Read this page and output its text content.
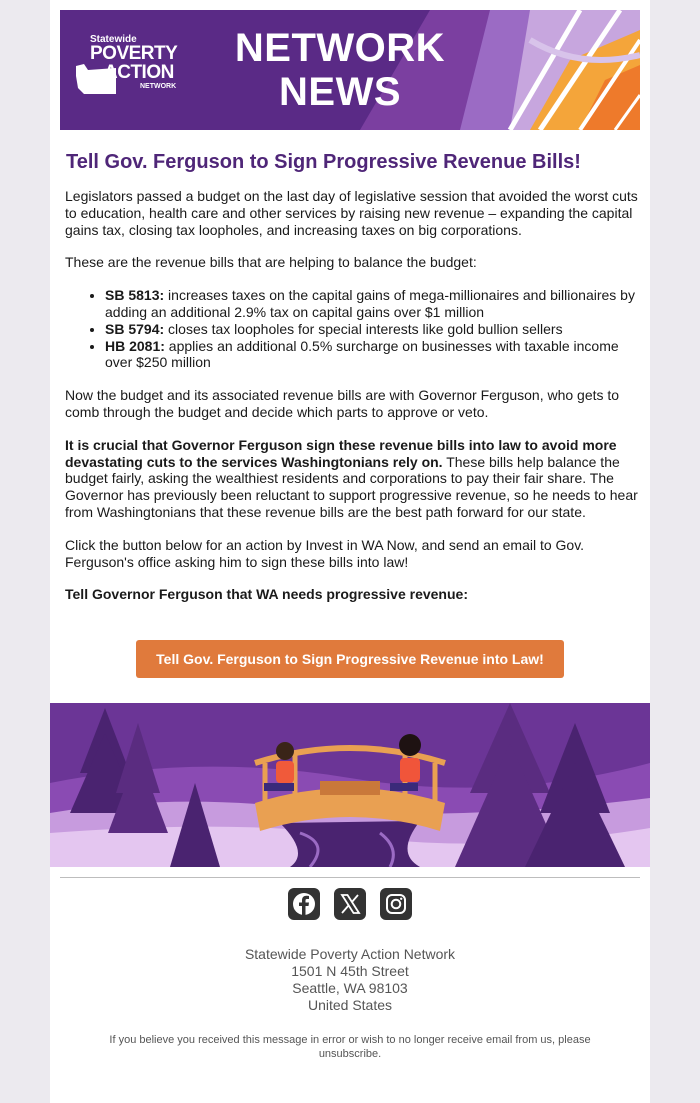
Statewide
POVERTY
ACTION
NETWORK
NETWORK
NEWS
Tell Gov. Ferguson to Sign Progressive Revenue Bills!

Legislators passed a budget on the last day of legislative session that avoided the worst cuts to education, health care and other services by raising new revenue – expanding the capital gains tax, closing tax loopholes, and increasing taxes on big corporations.

These are the revenue bills that are helping to balance the budget:

• SB 5813: increases taxes on the capital gains of mega-millionaires and billionaires by adding an additional 2.9% tax on capital gains over $1 million
• SB 5794: closes tax loopholes for special interests like gold bullion sellers
• HB 2081: applies an additional 0.5% surcharge on businesses with taxable income over $250 million

Now the budget and its associated revenue bills are with Governor Ferguson, who gets to comb through the budget and decide which parts to approve or veto.

It is crucial that Governor Ferguson sign these revenue bills into law to avoid more devastating cuts to the services Washingtonians rely on. These bills help balance the budget fairly, asking the wealthiest residents and corporations to pay their fair share. The Governor has previously been reluctant to support progressive revenue, so he needs to hear from Washingtonians that these revenue bills are the best path forward for our state.

Click the button below for an action by Invest in WA Now, and send an email to Gov. Ferguson's office asking him to sign these bills into law!

Tell Governor Ferguson that WA needs progressive revenue:

Tell Gov. Ferguson to Sign Progressive Revenue into Law!
Statewide Poverty Action Network
1501 N 45th Street
Seattle, WA 98103
United States
If you believe you received this message in error or wish to no longer receive email from us, please unsubscribe.
